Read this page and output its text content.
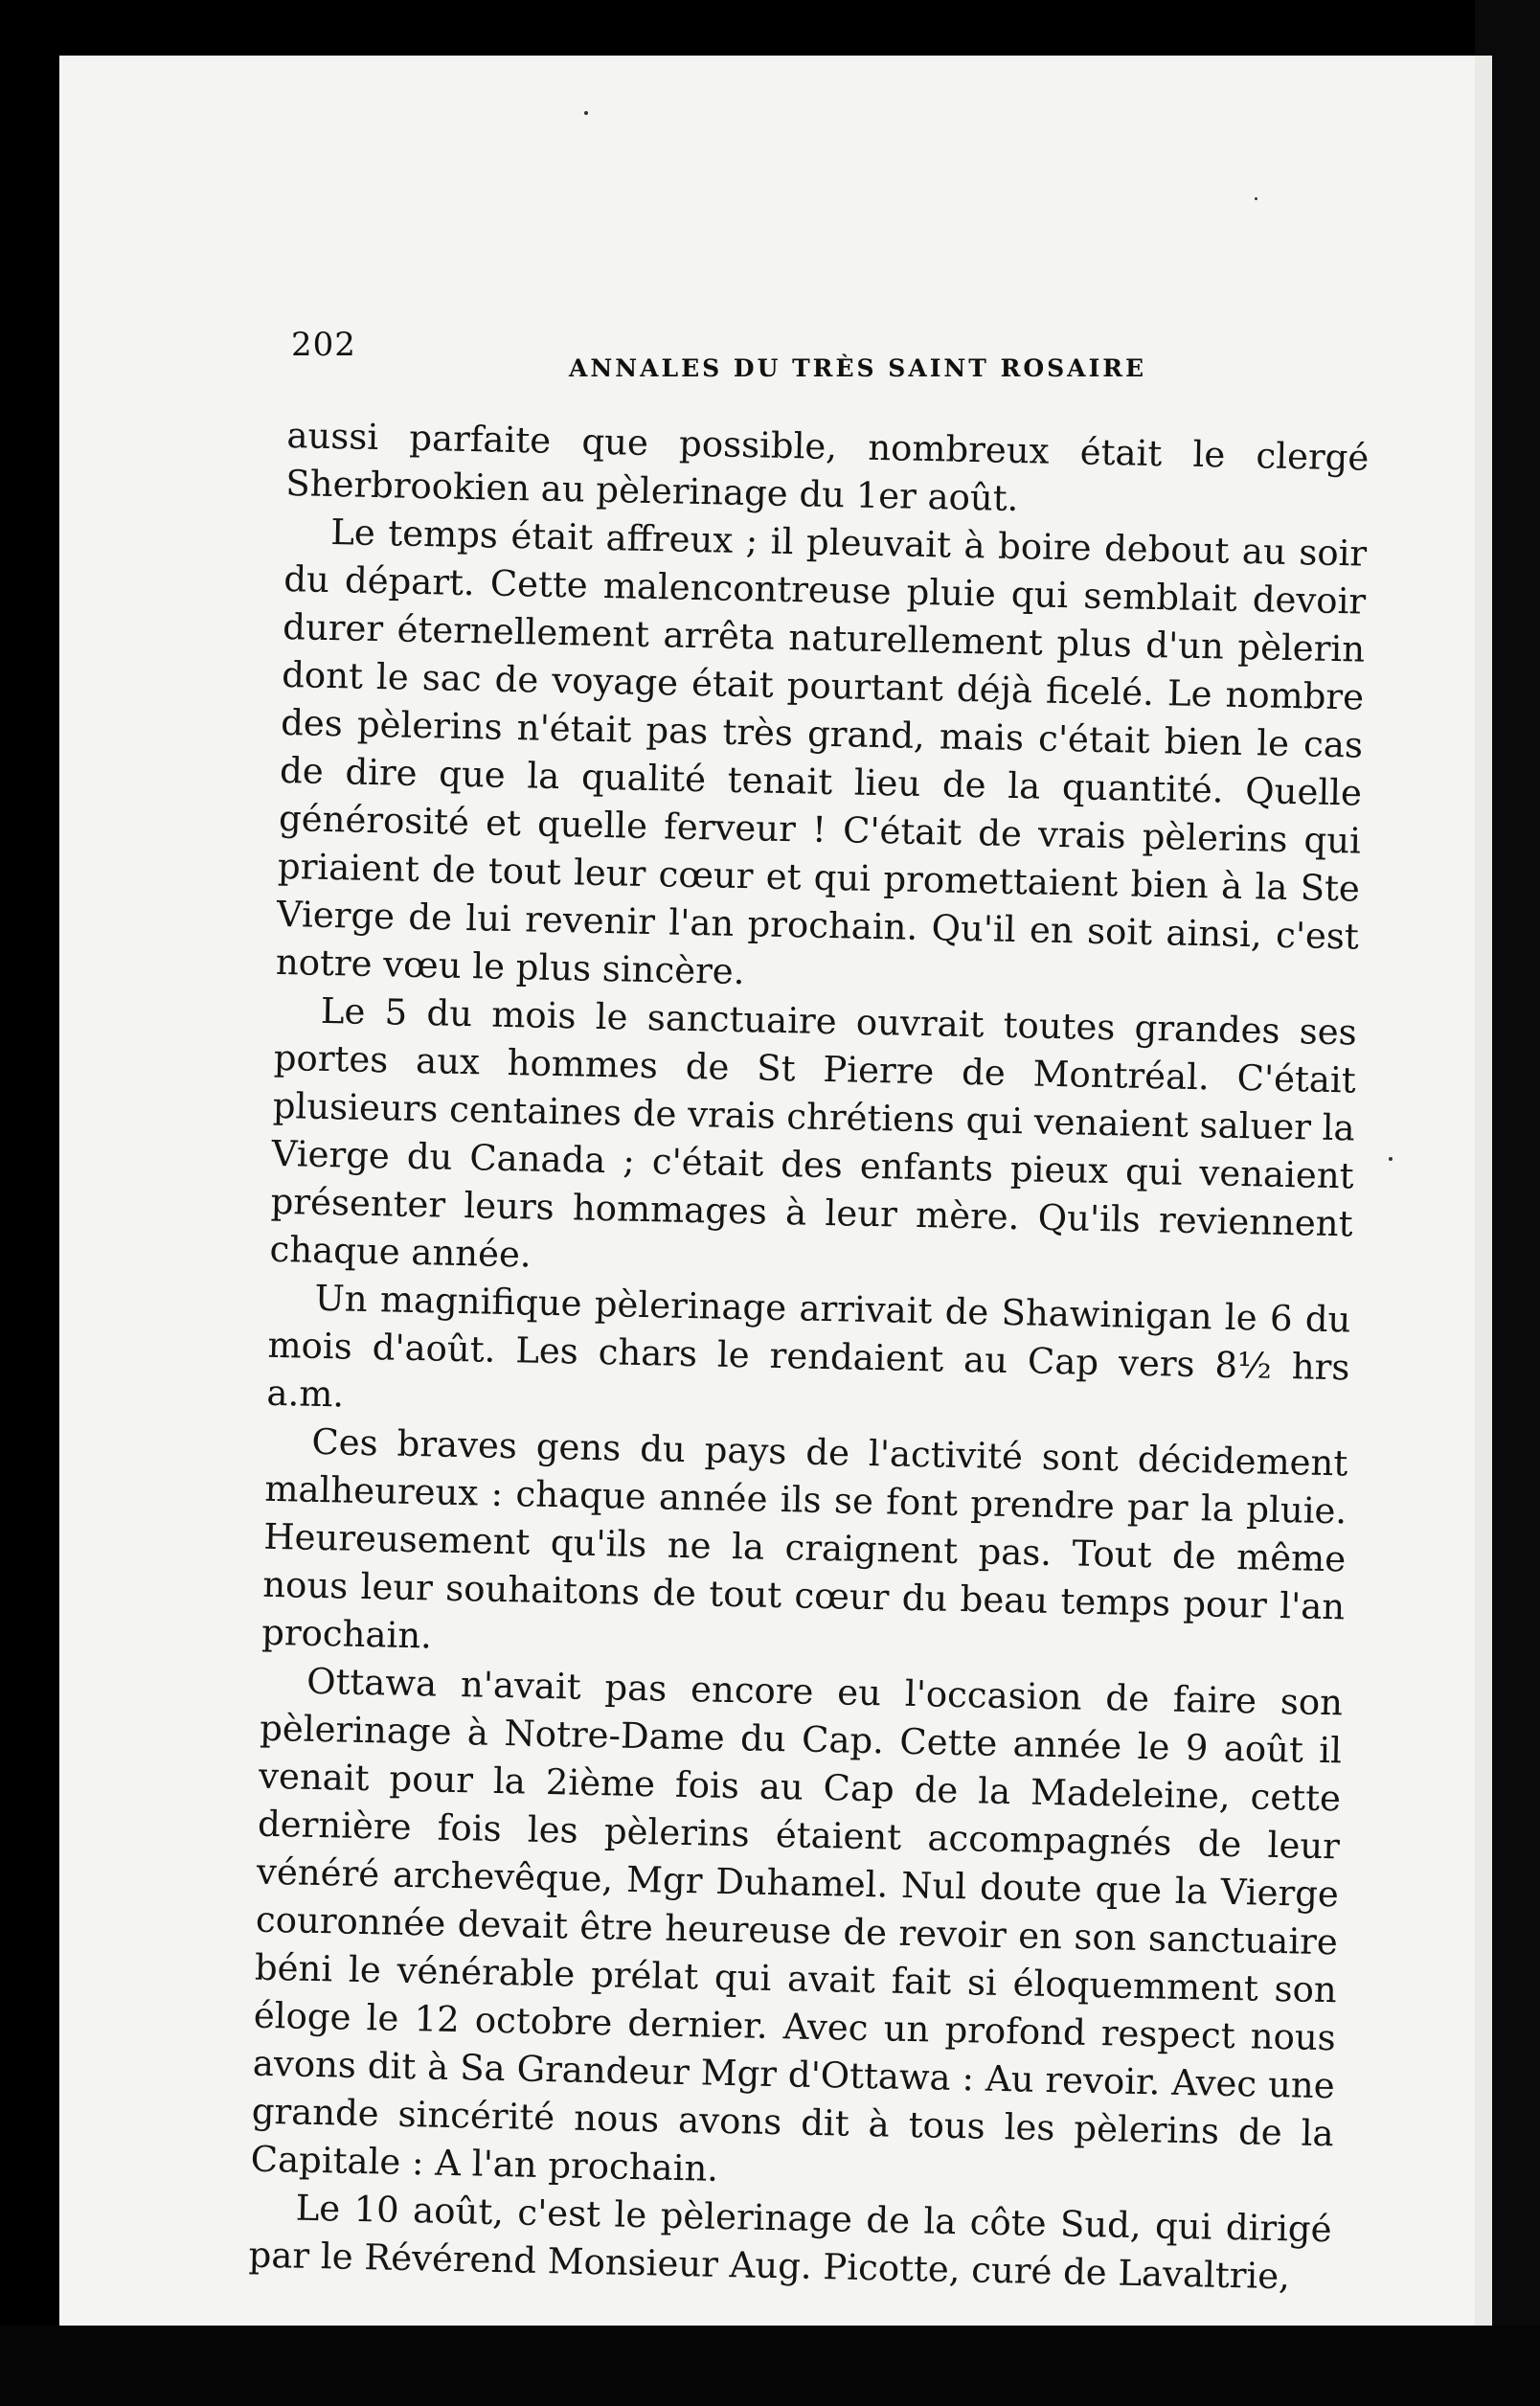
202
ANNALES DU TRÈS SAINT ROSAIRE

aussi parfaite que possible, nombreux était le clergé Sherbrookien au pèlerinage du 1er août.

Le temps était affreux ; il pleuvait à boire debout au soir du départ. Cette malencontreuse pluie qui semblait devoir durer éternellement arrêta naturellement plus d'un pèlerin dont le sac de voyage était pourtant déjà ficelé. Le nombre des pèlerins n'était pas très grand, mais c'était bien le cas de dire que la qualité tenait lieu de la quantité. Quelle générosité et quelle ferveur ! C'était de vrais pèlerins qui priaient de tout leur cœur et qui promettaient bien à la Ste Vierge de lui revenir l'an prochain. Qu'il en soit ainsi, c'est notre vœu le plus sincère.

Le 5 du mois le sanctuaire ouvrait toutes grandes ses portes aux hommes de St Pierre de Montréal. C'était plusieurs centaines de vrais chrétiens qui venaient saluer la Vierge du Canada ; c'était des enfants pieux qui venaient présenter leurs hommages à leur mère. Qu'ils reviennent chaque année.

Un magnifique pèlerinage arrivait de Shawinigan le 6 du mois d'août. Les chars le rendaient au Cap vers 8½ hrs a.m.

Ces braves gens du pays de l'activité sont décidement malheureux : chaque année ils se font prendre par la pluie. Heureusement qu'ils ne la craignent pas. Tout de même nous leur souhaitons de tout cœur du beau temps pour l'an prochain.

Ottawa n'avait pas encore eu l'occasion de faire son pèlerinage à Notre-Dame du Cap. Cette année le 9 août il venait pour la 2ième fois au Cap de la Madeleine, cette dernière fois les pèlerins étaient accompagnés de leur vénéré archevêque, Mgr Duhamel. Nul doute que la Vierge couronnée devait être heureuse de revoir en son sanctuaire béni le vénérable prélat qui avait fait si éloquemment son éloge le 12 octobre dernier. Avec un profond respect nous avons dit à Sa Grandeur Mgr d'Ottawa : Au revoir. Avec une grande sincérité nous avons dit à tous les pèlerins de la Capitale : A l'an prochain.

Le 10 août, c'est le pèlerinage de la côte Sud, qui dirigé par le Révérend Monsieur Aug. Picotte, curé de Lavaltrie,
